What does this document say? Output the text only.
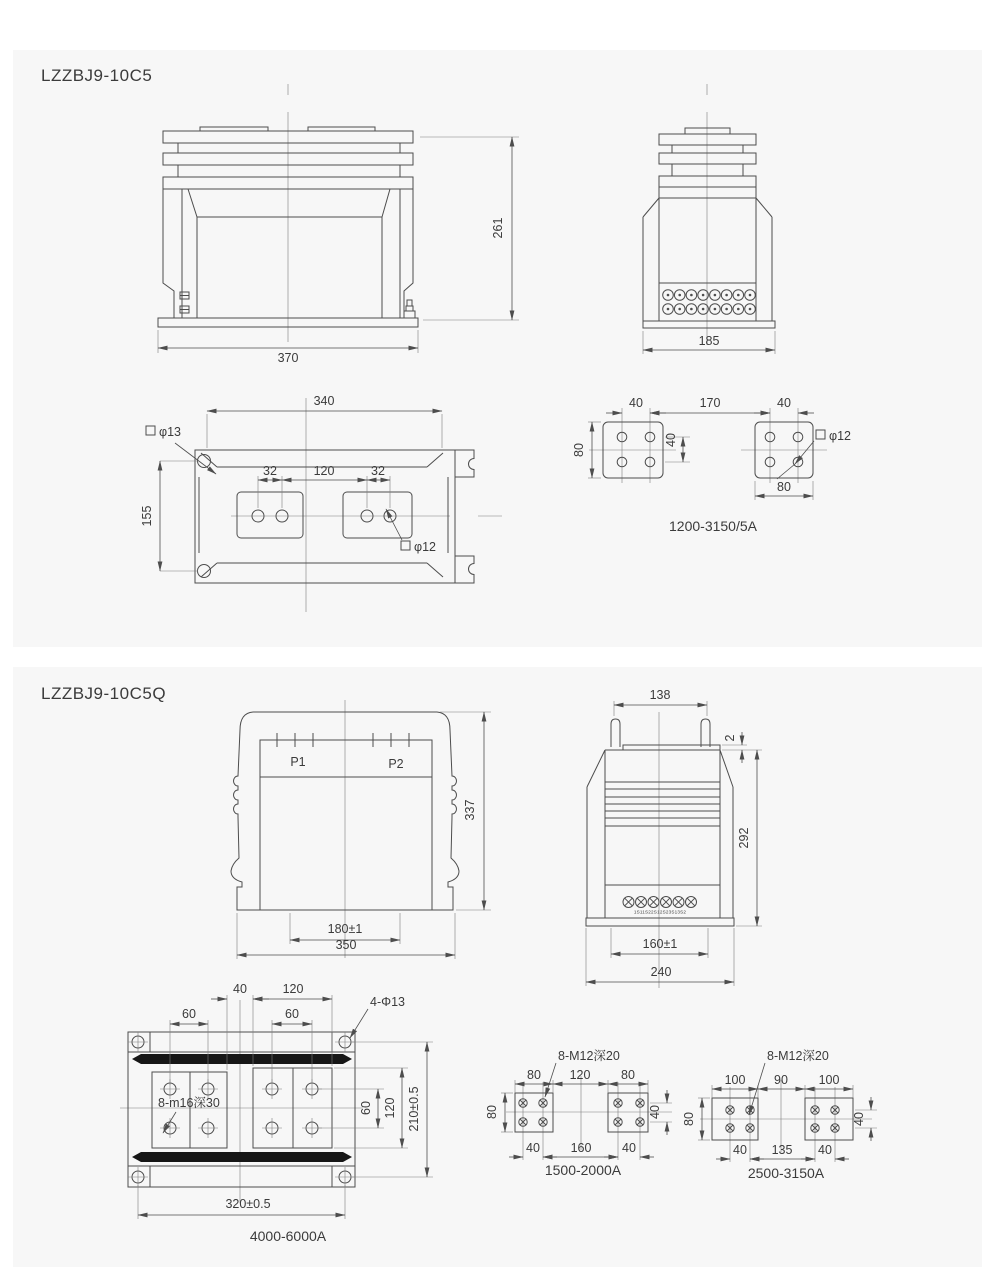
LZZBJ9-10C5
LZZBJ9-10C5Q
261
370
185
340
155
32	120	32
φ13
φ12
40	170	40
80
40
80
φ12
1200-3150/5A
P1	P2
337
180±1
350
138
2
1S11S22S12S23S13S2
160±1
240
292
40	120
60	60
4-Φ13
8-m16深30	60 120 210±0.5
320±0.5
4000-6000A
80 120 80
80	40
40 160 40
8-M12深20
1500-2000A
100 90 100
80	40
40 135 40
8-M12深20
2500-3150A
